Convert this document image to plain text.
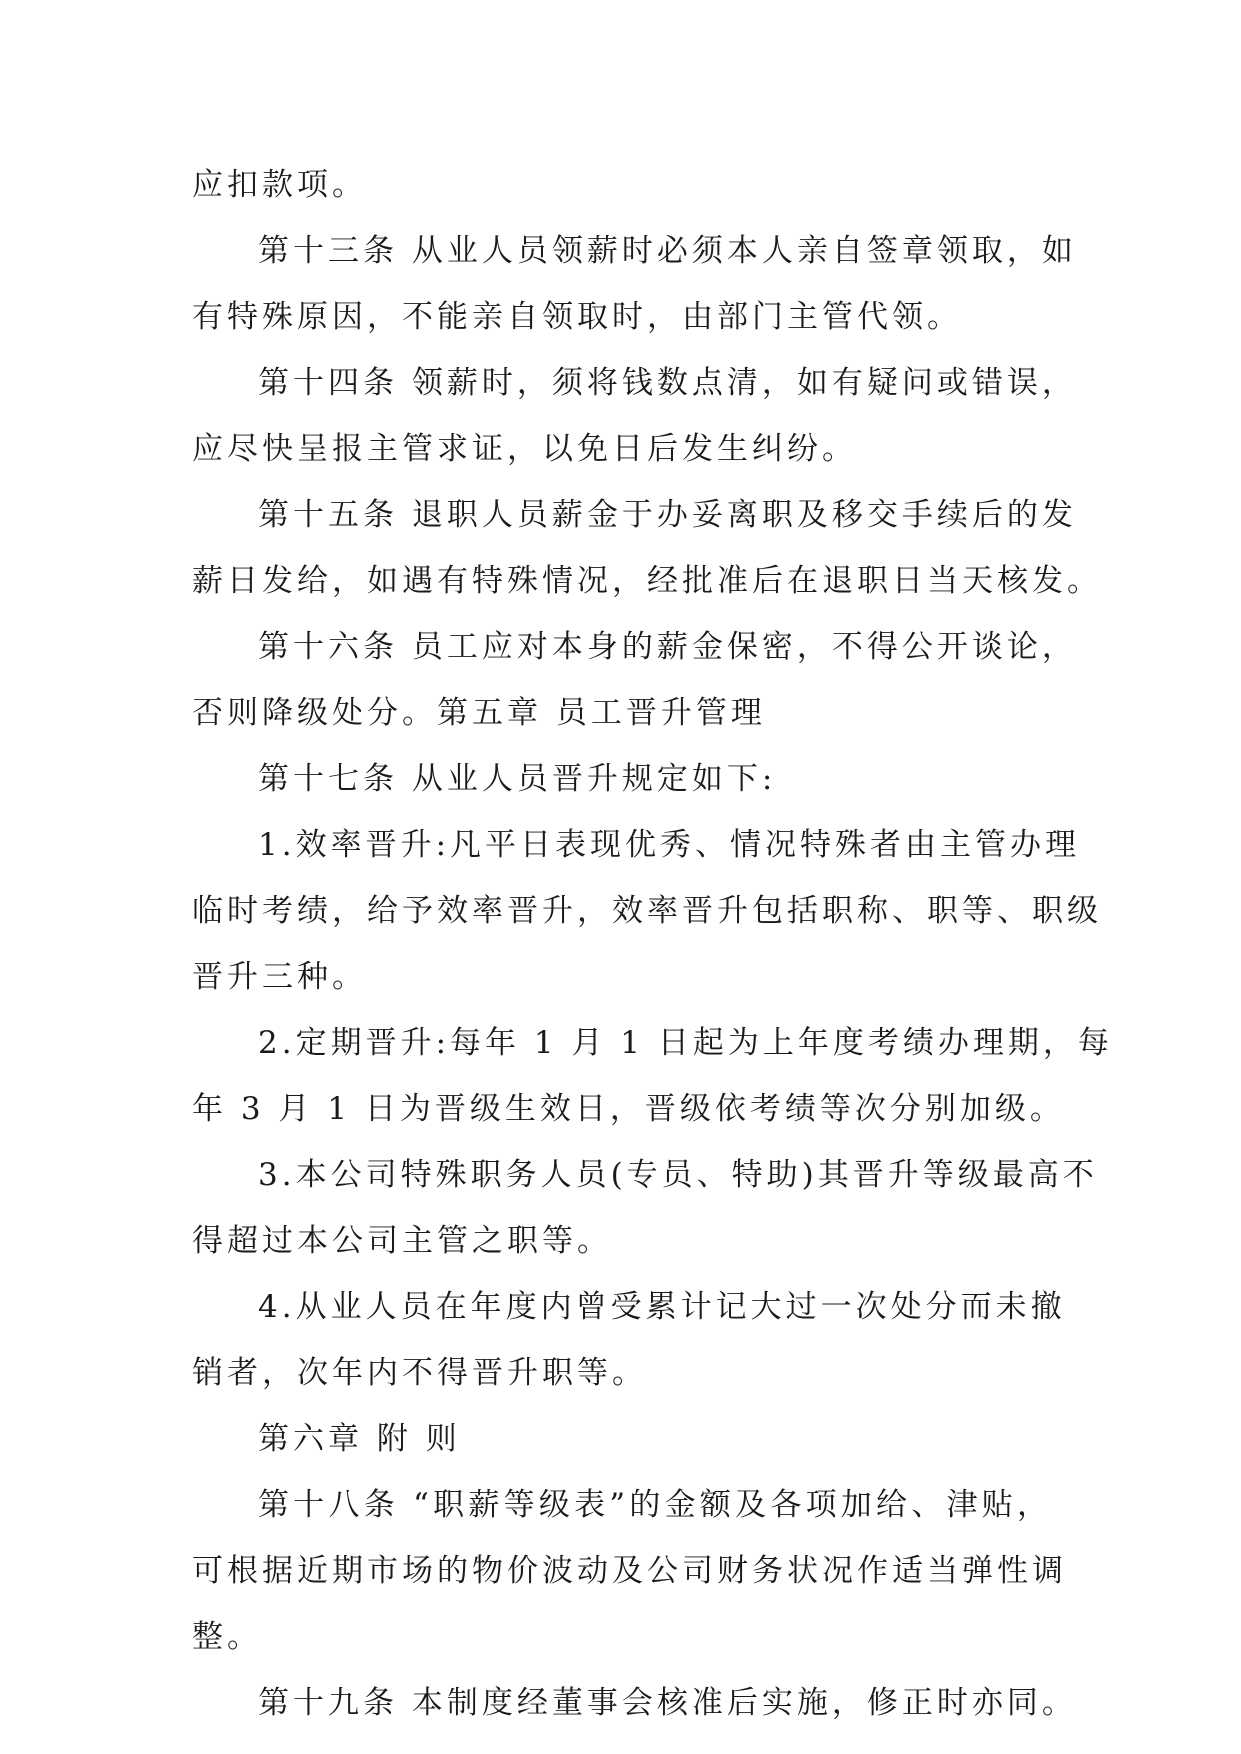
应扣款项。
第十三条 从业人员领薪时必须本人亲自签章领取，如
有特殊原因，不能亲自领取时，由部门主管代领。
第十四条 领薪时，须将钱数点清，如有疑问或错误，
应尽快呈报主管求证，以免日后发生纠纷。
第十五条 退职人员薪金于办妥离职及移交手续后的发
薪日发给，如遇有特殊情况，经批准后在退职日当天核发。
第十六条 员工应对本身的薪金保密，不得公开谈论，
否则降级处分。第五章 员工晋升管理
第十七条 从业人员晋升规定如下:
1.效率晋升:凡平日表现优秀、情况特殊者由主管办理
临时考绩，给予效率晋升，效率晋升包括职称、职等、职级
晋升三种。
2.定期晋升:每年 1 月 1 日起为上年度考绩办理期，每
年 3 月 1 日为晋级生效日，晋级依考绩等次分别加级。
3.本公司特殊职务人员(专员、特助)其晋升等级最高不
得超过本公司主管之职等。
4.从业人员在年度内曾受累计记大过一次处分而未撤
销者，次年内不得晋升职等。
第六章 附 则
第十八条 “职薪等级表”的金额及各项加给、津贴，
可根据近期市场的物价波动及公司财务状况作适当弹性调
整。
第十九条 本制度经董事会核准后实施，修正时亦同。
